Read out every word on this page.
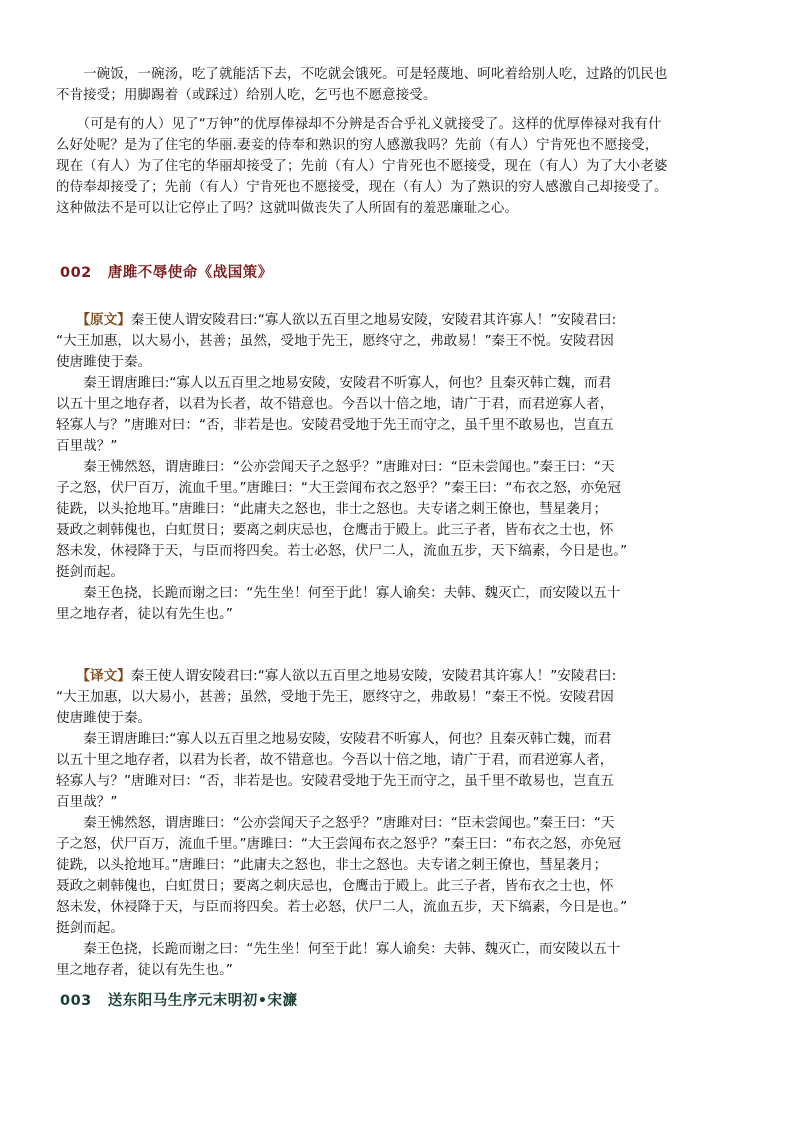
　　一碗饭，一碗汤，吃了就能活下去，不吃就会饿死。可是轻蔑地、呵叱着给别人吃，过路的饥民也
不肯接受；用脚踢着（或踩过）给别人吃，乞丐也不愿意接受。
　　（可是有的人）见了“万钟”的优厚俸禄却不分辨是否合乎礼义就接受了。这样的优厚俸禄对我有什
么好处呢？是为了住宅的华丽.妻妾的侍奉和熟识的穷人感激我吗？先前（有人）宁肯死也不愿接受，
现在（有人）为了住宅的华丽却接受了；先前（有人）宁肯死也不愿接受，现在（有人）为了大小老婆
的侍奉却接受了；先前（有人）宁肯死也不愿接受，现在（有人）为了熟识的穷人感激自己却接受了。
这种做法不是可以让它停止了吗？这就叫做丧失了人所固有的羞恶廉耻之心。
002 唐雎不辱使命《战国策》
　　【原文】秦王使人谓安陵君曰:“寡人欲以五百里之地易安陵，安陵君其许寡人！”安陵君曰:
“大王加惠，以大易小，甚善；虽然，受地于先王，愿终守之，弗敢易！”秦王不悦。安陵君因
使唐雎使于秦。
　　秦王谓唐雎曰:“寡人以五百里之地易安陵，安陵君不听寡人，何也？且秦灭韩亡魏，而君
以五十里之地存者，以君为长者，故不错意也。今吾以十倍之地，请广于君，而君逆寡人者，
轻寡人与？”唐雎对曰：“否，非若是也。安陵君受地于先王而守之，虽千里不敢易也，岂直五
百里哉？”
　　秦王怫然怒，谓唐雎曰：“公亦尝闻天子之怒乎？”唐雎对曰：“臣未尝闻也。”秦王曰：“天
子之怒，伏尸百万，流血千里。”唐雎曰：“大王尝闻布衣之怒乎？”秦王曰：“布衣之怒，亦免冠
徒跣，以头抢地耳。”唐雎曰：“此庸夫之怒也，非士之怒也。夫专诸之刺王僚也，彗星袭月；
聂政之刺韩傀也，白虹贯日；要离之刺庆忌也，仓鹰击于殿上。此三子者，皆布衣之士也，怀
怒未发，休祲降于天，与臣而将四矣。若士必怒，伏尸二人，流血五步，天下缟素，今日是也。”
挺剑而起。
　　秦王色挠，长跪而谢之曰：“先生坐！何至于此！寡人谕矣：夫韩、魏灭亡，而安陵以五十
里之地存者，徒以有先生也。”
　　【译文】秦王使人谓安陵君曰:“寡人欲以五百里之地易安陵，安陵君其许寡人！”安陵君曰:
“大王加惠，以大易小，甚善；虽然，受地于先王，愿终守之，弗敢易！”秦王不悦。安陵君因
使唐雎使于秦。
　　秦王谓唐雎曰:“寡人以五百里之地易安陵，安陵君不听寡人，何也？且秦灭韩亡魏，而君
以五十里之地存者，以君为长者，故不错意也。今吾以十倍之地，请广于君，而君逆寡人者，
轻寡人与？”唐雎对曰：“否，非若是也。安陵君受地于先王而守之，虽千里不敢易也，岂直五
百里哉？”
　　秦王怫然怒，谓唐雎曰：“公亦尝闻天子之怒乎？”唐雎对曰：“臣未尝闻也。”秦王曰：“天
子之怒，伏尸百万，流血千里。”唐雎曰：“大王尝闻布衣之怒乎？”秦王曰：“布衣之怒，亦免冠
徒跣，以头抢地耳。”唐雎曰：“此庸夫之怒也，非士之怒也。夫专诸之刺王僚也，彗星袭月；
聂政之刺韩傀也，白虹贯日；要离之刺庆忌也，仓鹰击于殿上。此三子者，皆布衣之士也，怀
怒未发，休祲降于天，与臣而将四矣。若士必怒，伏尸二人，流血五步，天下缟素，今日是也。”
挺剑而起。
　　秦王色挠，长跪而谢之曰：“先生坐！何至于此！寡人谕矣：夫韩、魏灭亡，而安陵以五十
里之地存者，徒以有先生也。”
003 送东阳马生序元末明初•宋濂
